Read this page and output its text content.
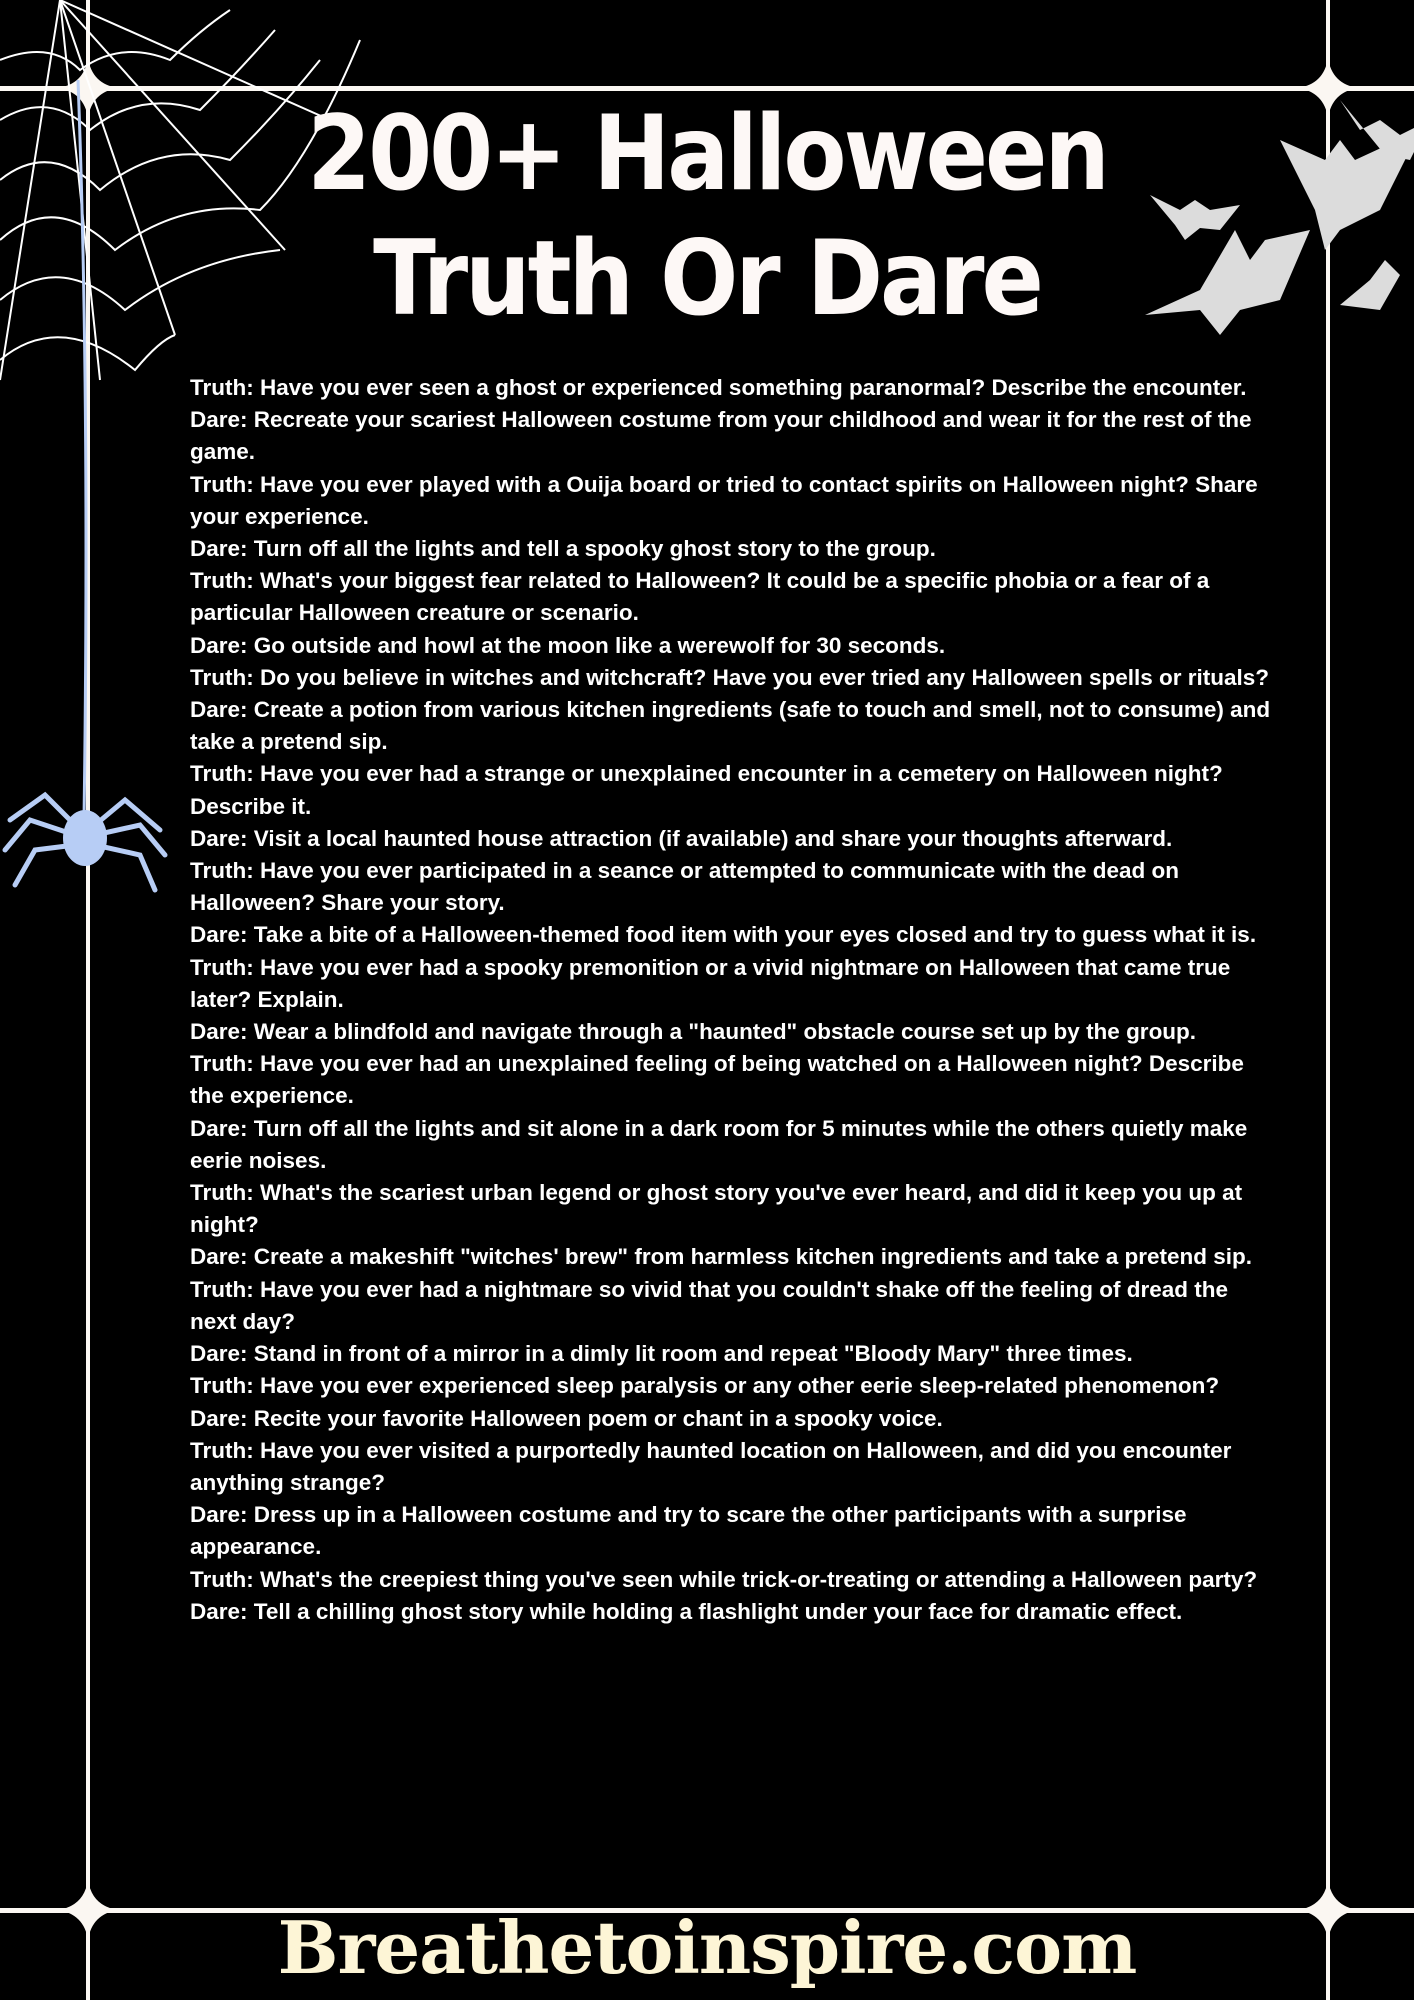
200+ Halloween
Truth Or Dare
Truth: Have you ever seen a ghost or experienced something paranormal? Describe the encounter.
Dare: Recreate your scariest Halloween costume from your childhood and wear it for the rest of the game.
Truth: Have you ever played with a Ouija board or tried to contact spirits on Halloween night? Share your experience.
Dare: Turn off all the lights and tell a spooky ghost story to the group.
Truth: What's your biggest fear related to Halloween? It could be a specific phobia or a fear of a particular Halloween creature or scenario.
Dare: Go outside and howl at the moon like a werewolf for 30 seconds.
Truth: Do you believe in witches and witchcraft? Have you ever tried any Halloween spells or rituals?
Dare: Create a potion from various kitchen ingredients (safe to touch and smell, not to consume) and take a pretend sip.
Truth: Have you ever had a strange or unexplained encounter in a cemetery on Halloween night? Describe it.
Dare: Visit a local haunted house attraction (if available) and share your thoughts afterward.
Truth: Have you ever participated in a seance or attempted to communicate with the dead on Halloween? Share your story.
Dare: Take a bite of a Halloween-themed food item with your eyes closed and try to guess what it is.
Truth: Have you ever had a spooky premonition or a vivid nightmare on Halloween that came true later? Explain.
Dare: Wear a blindfold and navigate through a "haunted" obstacle course set up by the group.
Truth: Have you ever had an unexplained feeling of being watched on a Halloween night? Describe the experience.
Dare: Turn off all the lights and sit alone in a dark room for 5 minutes while the others quietly make eerie noises.
Truth: What's the scariest urban legend or ghost story you've ever heard, and did it keep you up at night?
Dare: Create a makeshift "witches' brew" from harmless kitchen ingredients and take a pretend sip.
Truth: Have you ever had a nightmare so vivid that you couldn't shake off the feeling of dread the next day?
Dare: Stand in front of a mirror in a dimly lit room and repeat "Bloody Mary" three times.
Truth: Have you ever experienced sleep paralysis or any other eerie sleep-related phenomenon?
Dare: Recite your favorite Halloween poem or chant in a spooky voice.
Truth: Have you ever visited a purportedly haunted location on Halloween, and did you encounter anything strange?
Dare: Dress up in a Halloween costume and try to scare the other participants with a surprise appearance.
Truth: What's the creepiest thing you've seen while trick-or-treating or attending a Halloween party?
Dare: Tell a chilling ghost story while holding a flashlight under your face for dramatic effect.
Breathetoinspire.com
